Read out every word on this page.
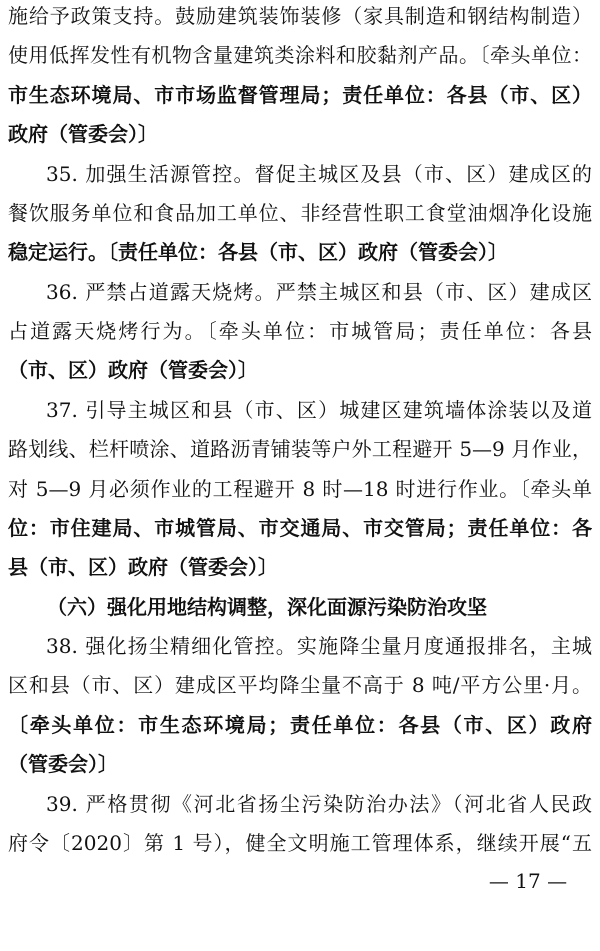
施给予政策支持。鼓励建筑装饰装修（家具制造和钢结构制造）
使用低挥发性有机物含量建筑类涂料和胶黏剂产品。〔牵头单位：
市生态环境局、市市场监督管理局；责任单位：各县（市、区）
政府（管委会）〕
35. 加强生活源管控。督促主城区及县（市、区）建成区的
餐饮服务单位和食品加工单位、非经营性职工食堂油烟净化设施
稳定运行。〔责任单位：各县（市、区）政府（管委会）〕
36. 严禁占道露天烧烤。严禁主城区和县（市、区）建成区
占道露天烧烤行为。〔牵头单位：市城管局；责任单位：各县
（市、区）政府（管委会）〕
37. 引导主城区和县（市、区）城建区建筑墙体涂装以及道
路划线、栏杆喷涂、道路沥青铺装等户外工程避开 5—9 月作业，
对 5—9 月必须作业的工程避开 8 时—18 时进行作业。〔牵头单
位：市住建局、市城管局、市交通局、市交管局；责任单位：各
县（市、区）政府（管委会）〕
（六）强化用地结构调整，深化面源污染防治攻坚
38. 强化扬尘精细化管控。实施降尘量月度通报排名，主城
区和县（市、区）建成区平均降尘量不高于 8 吨/平方公里·月。
〔牵头单位：市生态环境局；责任单位：各县（市、区）政府
（管委会）〕
39. 严格贯彻《河北省扬尘污染防治办法》（河北省人民政
府令〔2020〕第 1 号），健全文明施工管理体系，继续开展“五
— 17 —
